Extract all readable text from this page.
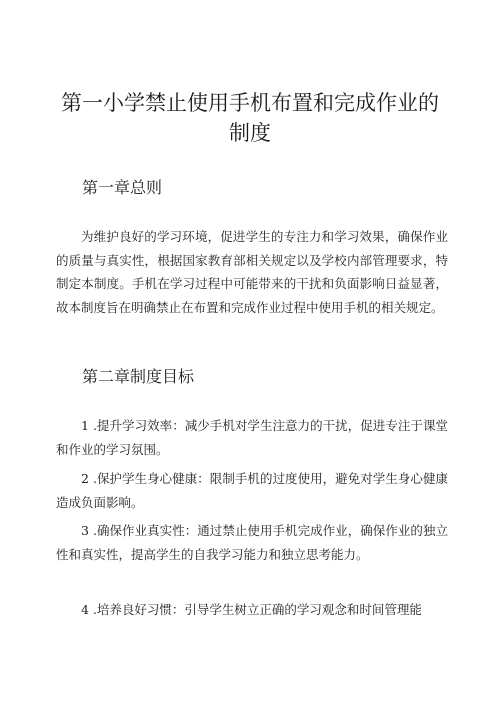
第一小学禁止使用手机布置和完成作业的
制度
第一章总则
为维护良好的学习环境，促进学生的专注力和学习效果，确保作业的质量与真实性，根据国家教育部相关规定以及学校内部管理要求，特制定本制度。手机在学习过程中可能带来的干扰和负面影响日益显著，故本制度旨在明确禁止在布置和完成作业过程中使用手机的相关规定。
第二章制度目标
1 .提升学习效率：减少手机对学生注意力的干扰，促进专注于课堂和作业的学习氛围。
2 .保护学生身心健康：限制手机的过度使用，避免对学生身心健康造成负面影响。
3 .确保作业真实性：通过禁止使用手机完成作业，确保作业的独立性和真实性，提高学生的自我学习能力和独立思考能力。
4 .培养良好习惯：引导学生树立正确的学习观念和时间管理能
